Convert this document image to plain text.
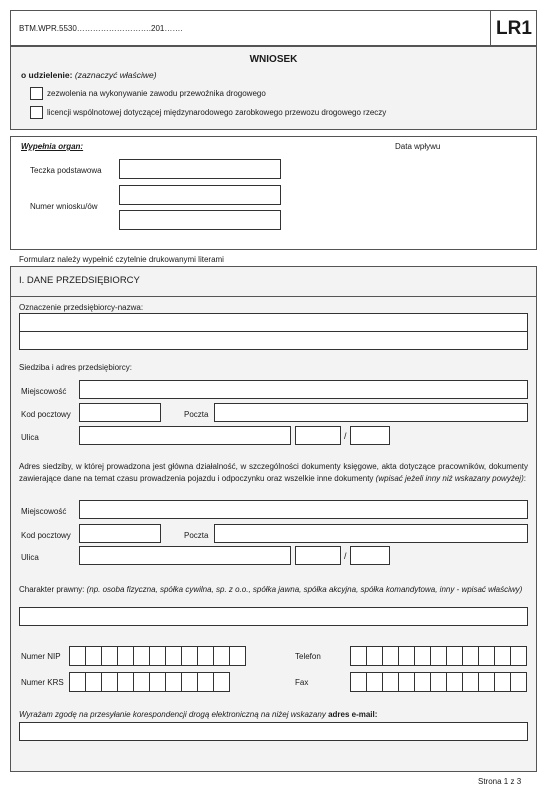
BTM.WPR.5530……………………….201…….	LR1
WNIOSEK
o udzielenie: (zaznaczyć właściwe)
zezwolenia na wykonywanie zawodu przewoźnika drogowego
licencji wspólnotowej dotyczącej międzynarodowego zarobkowego przewozu drogowego rzeczy
Wypełnia organ:	Data wpływu
Teczka podstawowa
Numer wniosku/ów
Formularz należy wypełnić czytelnie drukowanymi literami
I. DANE PRZEDSIĘBIORCY
Oznaczenie przedsiębiorcy-nazwa:
Siedziba i adres przedsiębiorcy:
Miejscowość
Kod pocztowy	Poczta
Ulica	/
Adres siedziby, w której prowadzona jest główna działalność, w szczególności dokumenty księgowe, akta dotyczące pracowników, dokumenty zawierające dane na temat czasu prowadzenia pojazdu i odpoczynku oraz wszelkie inne dokumenty (wpisać jeżeli inny niż wskazany powyżej):
Miejscowość
Kod pocztowy	Poczta
Ulica	/
Charakter prawny: (np. osoba fizyczna, spółka cywilna, sp. z o.o., spółka jawna, spółka akcyjna, spółka komandytowa, inny - wpisać właściwy)
Numer NIP
Numer KRS
Telefon
Fax
Wyrażam zgodę na przesyłanie korespondencji drogą elektroniczną na niżej wskazany adres e-mail:
Strona 1 z 3
